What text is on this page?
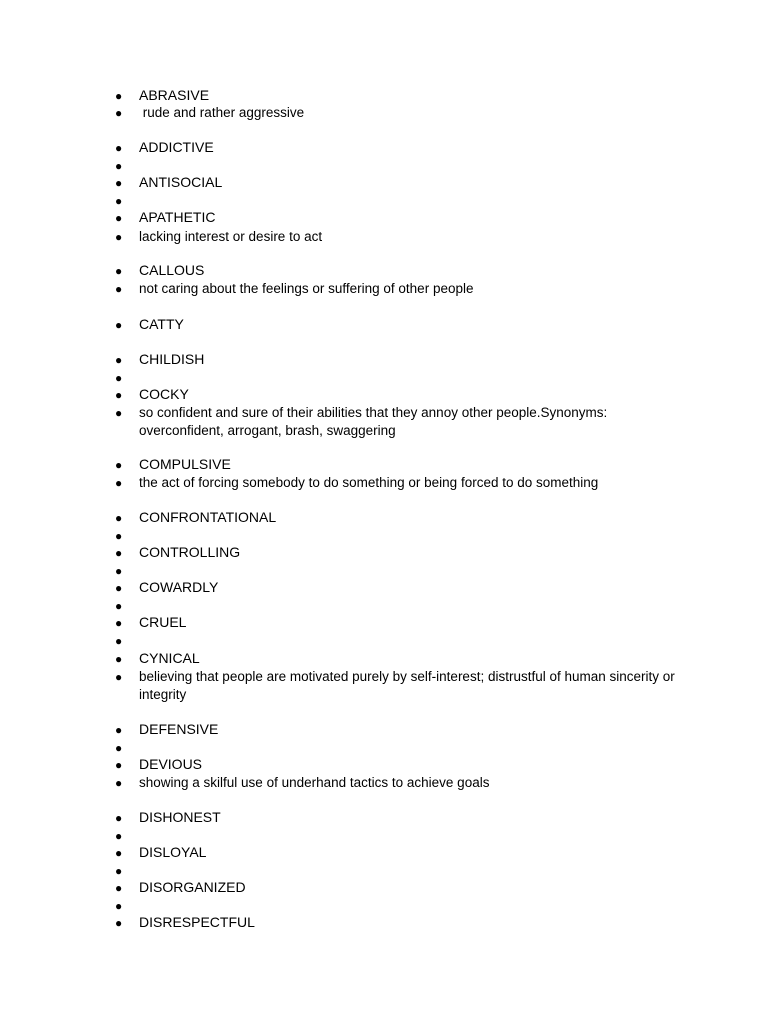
● ABRASIVE
● rude and rather aggressive
● ADDICTIVE
●
● ANTISOCIAL
●
● APATHETIC
● lacking interest or desire to act
● CALLOUS
● not caring about the feelings or suffering of other people
● CATTY
● CHILDISH
●
● COCKY
● so confident and sure of their abilities that they annoy other people.Synonyms: overconfident, arrogant, brash, swaggering
● COMPULSIVE
● the act of forcing somebody to do something or being forced to do something
● CONFRONTATIONAL
●
● CONTROLLING
●
● COWARDLY
●
● CRUEL
●
● CYNICAL
● believing that people are motivated purely by self-interest; distrustful of human sincerity or integrity
● DEFENSIVE
●
● DEVIOUS
● showing a skilful use of underhand tactics to achieve goals
● DISHONEST
●
● DISLOYAL
●
● DISORGANIZED
●
● DISRESPECTFUL
